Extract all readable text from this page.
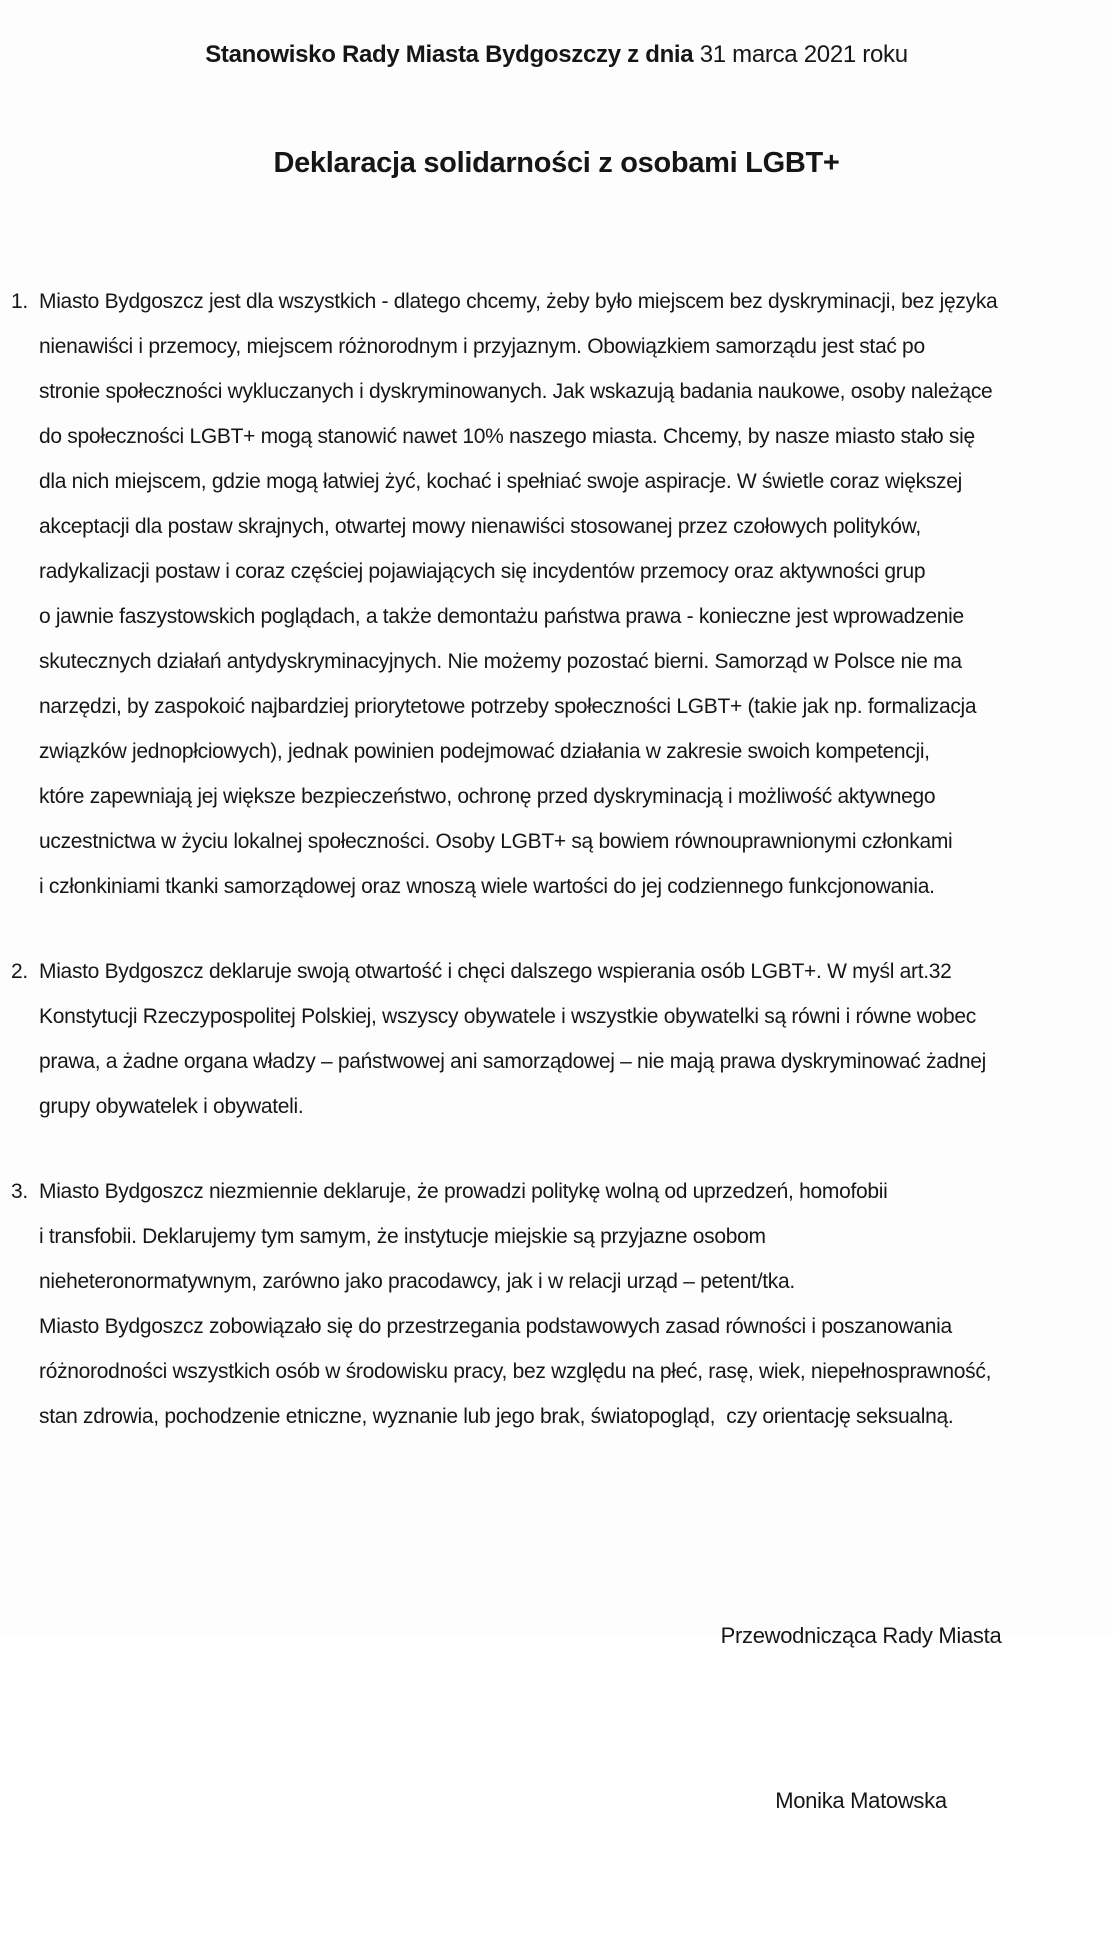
Stanowisko Rady Miasta Bydgoszczy z dnia 31 marca 2021 roku
Deklaracja solidarności z osobami LGBT+
1. Miasto Bydgoszcz jest dla wszystkich - dlatego chcemy, żeby było miejscem bez dyskryminacji, bez języka
nienawiści i przemocy, miejscem różnorodnym i przyjaznym. Obowiązkiem samorządu jest stać po
stronie społeczności wykluczanych i dyskryminowanych. Jak wskazują badania naukowe, osoby należące
do społeczności LGBT+ mogą stanowić nawet 10% naszego miasta. Chcemy, by nasze miasto stało się
dla nich miejscem, gdzie mogą łatwiej żyć, kochać i spełniać swoje aspiracje. W świetle coraz większej
akceptacji dla postaw skrajnych, otwartej mowy nienawiści stosowanej przez czołowych polityków,
radykalizacji postaw i coraz częściej pojawiających się incydentów przemocy oraz aktywności grup
o jawnie faszystowskich poglądach, a także demontażu państwa prawa - konieczne jest wprowadzenie
skutecznych działań antydyskryminacyjnych. Nie możemy pozostać bierni. Samorząd w Polsce nie ma
narzędzi, by zaspokoić najbardziej priorytetowe potrzeby społeczności LGBT+ (takie jak np. formalizacja
związków jednopłciowych), jednak powinien podejmować działania w zakresie swoich kompetencji,
które zapewniają jej większe bezpieczeństwo, ochronę przed dyskryminacją i możliwość aktywnego
uczestnictwa w życiu lokalnej społeczności. Osoby LGBT+ są bowiem równouprawnionymi członkami
i członkiniami tkanki samorządowej oraz wnoszą wiele wartości do jej codziennego funkcjonowania.
2. Miasto Bydgoszcz deklaruje swoją otwartość i chęci dalszego wspierania osób LGBT+. W myśl art.32
Konstytucji Rzeczypospolitej Polskiej, wszyscy obywatele i wszystkie obywatelki są równi i równe wobec
prawa, a żadne organa władzy – państwowej ani samorządowej – nie mają prawa dyskryminować żadnej
grupy obywatelek i obywateli.
3. Miasto Bydgoszcz niezmiennie deklaruje, że prowadzi politykę wolną od uprzedzeń, homofobii
i transfobii. Deklarujemy tym samym, że instytucje miejskie są przyjazne osobom
nieheteronormatywnym, zarówno jako pracodawcy, jak i w relacji urząd – petent/tka.
Miasto Bydgoszcz zobowiązało się do przestrzegania podstawowych zasad równości i poszanowania
różnorodności wszystkich osób w środowisku pracy, bez względu na płeć, rasę, wiek, niepełnosprawność,
stan zdrowia, pochodzenie etniczne, wyznanie lub jego brak, światopogląd,  czy orientację seksualną.

Przewodnicząca Rady Miasta

Monika Matowska
